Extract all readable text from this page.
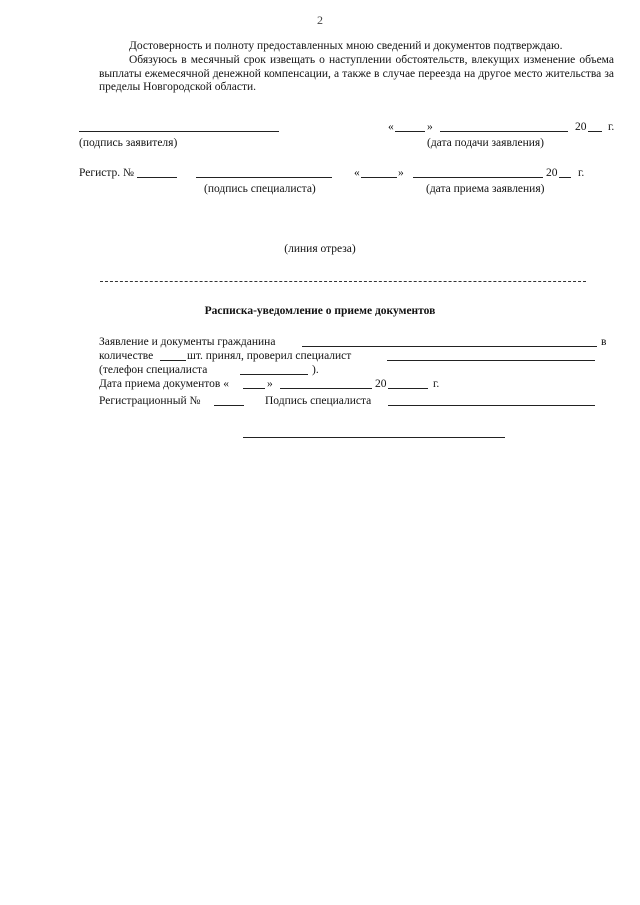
2
Достоверность и полноту предоставленных мною сведений и документов подтверждаю.
Обязуюсь в месячный срок извещать о наступлении обстоятельств, влекущих изменение объема выплаты ежемесячной денежной компенсации, а также в случае переезда на другое место жительства за пределы Новгородской области.
«	»	20 г.
(подпись заявителя)	(дата подачи заявления)
Регистр. №	«	»	20 г.
(подпись специалиста)	(дата приема заявления)
(линия отреза)
Расписка-уведомление о приеме документов
Заявление и документы гражданина	в
количестве	шт. принял, проверил специалист
(телефон специалиста	).
Дата приема документов «	»	20	г.
Регистрационный №	Подпись специалиста
